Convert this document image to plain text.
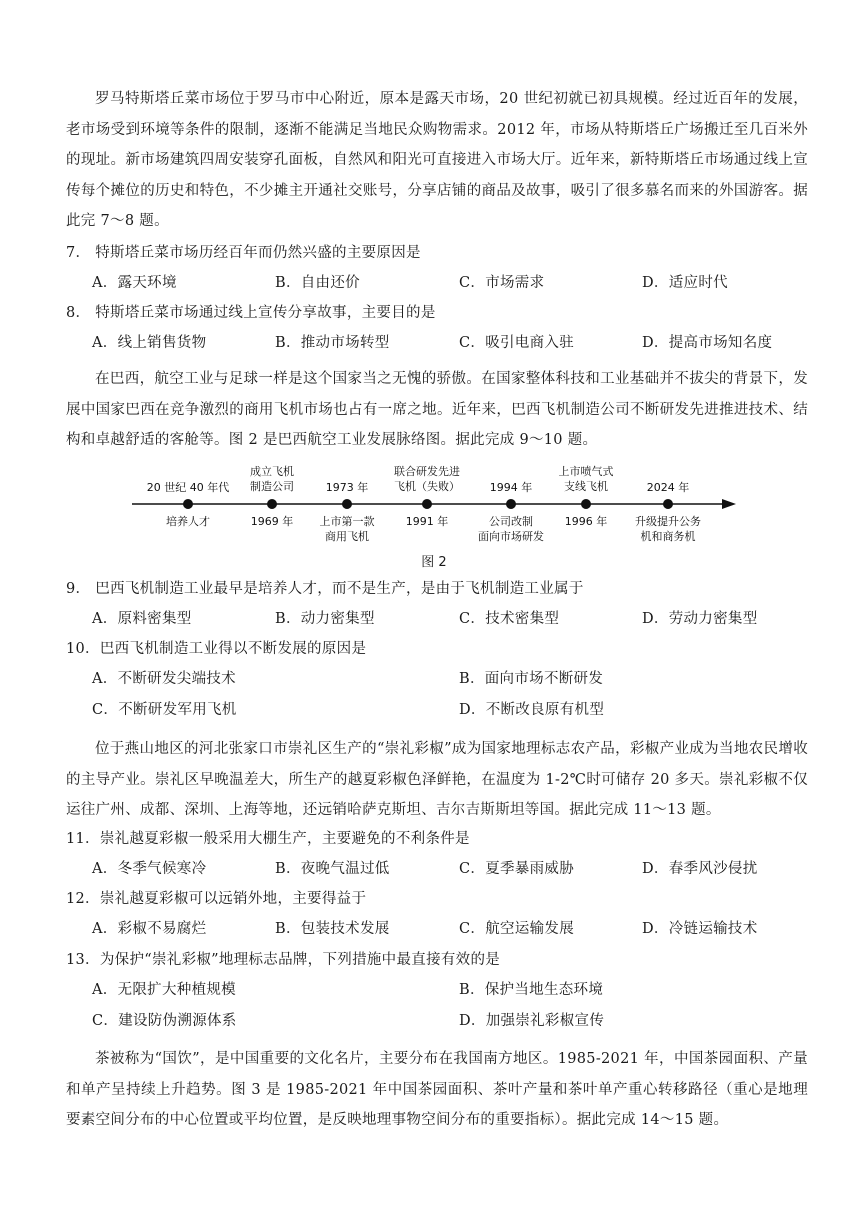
罗马特斯塔丘菜市场位于罗马市中心附近，原本是露天市场，20 世纪初就已初具规模。经过近百年的发展，老市场受到环境等条件的限制，逐渐不能满足当地民众购物需求。2012 年，市场从特斯塔丘广场搬迁至几百米外的现址。新市场建筑四周安装穿孔面板，自然风和阳光可直接进入市场大厅。近年来，新特斯塔丘市场通过线上宣传每个摊位的历史和特色，不少摊主开通社交账号，分享店铺的商品及故事，吸引了很多慕名而来的外国游客。据此完 7～8 题。
7． 特斯塔丘菜市场历经百年而仍然兴盛的主要原因是
A．露天环境	B．自由还价	C．市场需求	D．适应时代
8． 特斯塔丘菜市场通过线上宣传分享故事，主要目的是
A．线上销售货物	B．推动市场转型	C．吸引电商入驻	D．提高市场知名度
在巴西，航空工业与足球一样是这个国家当之无愧的骄傲。在国家整体科技和工业基础并不拔尖的背景下，发展中国家巴西在竞争激烈的商用飞机市场也占有一席之地。近年来，巴西飞机制造公司不断研发先进推进技术、结构和卓越舒适的客舱等。图 2 是巴西航空工业发展脉络图。据此完成 9～10 题。
20 世纪 40 年代
成立飞机
制造公司	1973 年
联合研发先进
飞机（失败）	1994 年
上市喷气式
支线飞机	2024 年
培养人才	1969 年	上市第一款
商用飞机
1991 年	公司改制
面向市场研发
1996 年	升级提升公务
机和商务机
图 2
9． 巴西飞机制造工业最早是培养人才，而不是生产，是由于飞机制造工业属于
A．原料密集型	B．动力密集型	C．技术密集型	D．劳动力密集型
10．巴西飞机制造工业得以不断发展的原因是
A．不断研发尖端技术	B．面向市场不断研发
C．不断研发军用飞机	D．不断改良原有机型
位于燕山地区的河北张家口市崇礼区生产的“崇礼彩椒”成为国家地理标志农产品，彩椒产业成为当地农民增收的主导产业。崇礼区早晚温差大，所生产的越夏彩椒色泽鲜艳，在温度为 1-2℃时可储存 20 多天。崇礼彩椒不仅运往广州、成都、深圳、上海等地，还远销哈萨克斯坦、吉尔吉斯斯坦等国。据此完成 11～13 题。
11．崇礼越夏彩椒一般采用大棚生产，主要避免的不利条件是
A．冬季气候寒冷	B．夜晚气温过低	C．夏季暴雨威胁	D．春季风沙侵扰
12．崇礼越夏彩椒可以远销外地，主要得益于
A．彩椒不易腐烂	B．包装技术发展	C．航空运输发展	D．冷链运输技术
13．为保护“崇礼彩椒”地理标志品牌，下列措施中最直接有效的是
A．无限扩大种植规模	B．保护当地生态环境
C．建设防伪溯源体系	D．加强崇礼彩椒宣传
茶被称为“国饮”，是中国重要的文化名片，主要分布在我国南方地区。1985-2021 年，中国茶园面积、产量和单产呈持续上升趋势。图 3 是 1985-2021 年中国茶园面积、茶叶产量和茶叶单产重心转移路径（重心是地理要素空间分布的中心位置或平均位置，是反映地理事物空间分布的重要指标）。据此完成 14～15 题。
